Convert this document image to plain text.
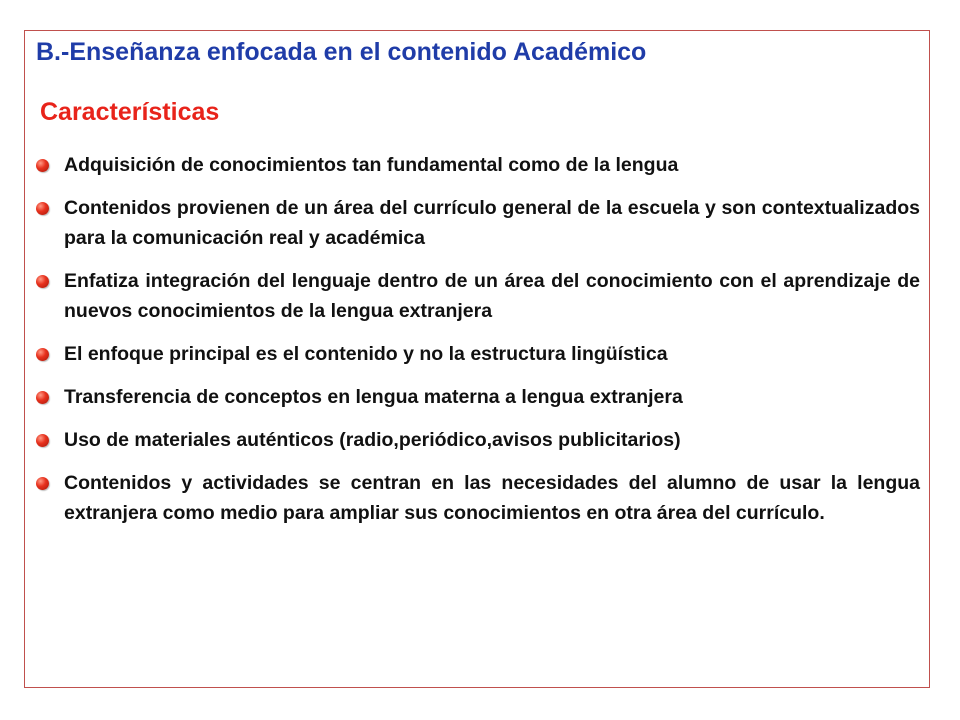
B.-Enseñanza enfocada en el contenido Académico
Características
Adquisición de conocimientos tan fundamental como de la lengua
Contenidos provienen de un área del currículo general de la escuela y son contextualizados para la comunicación real y académica
Enfatiza integración del lenguaje dentro de un área del conocimiento con el aprendizaje de nuevos conocimientos de la lengua extranjera
El enfoque principal es el contenido y no la estructura lingüística
Transferencia de conceptos en lengua materna a lengua extranjera
Uso de materiales auténticos (radio,periódico,avisos publicitarios)
Contenidos y actividades se centran en las necesidades del alumno de usar la lengua extranjera como medio para ampliar sus conocimientos en otra área del currículo.
